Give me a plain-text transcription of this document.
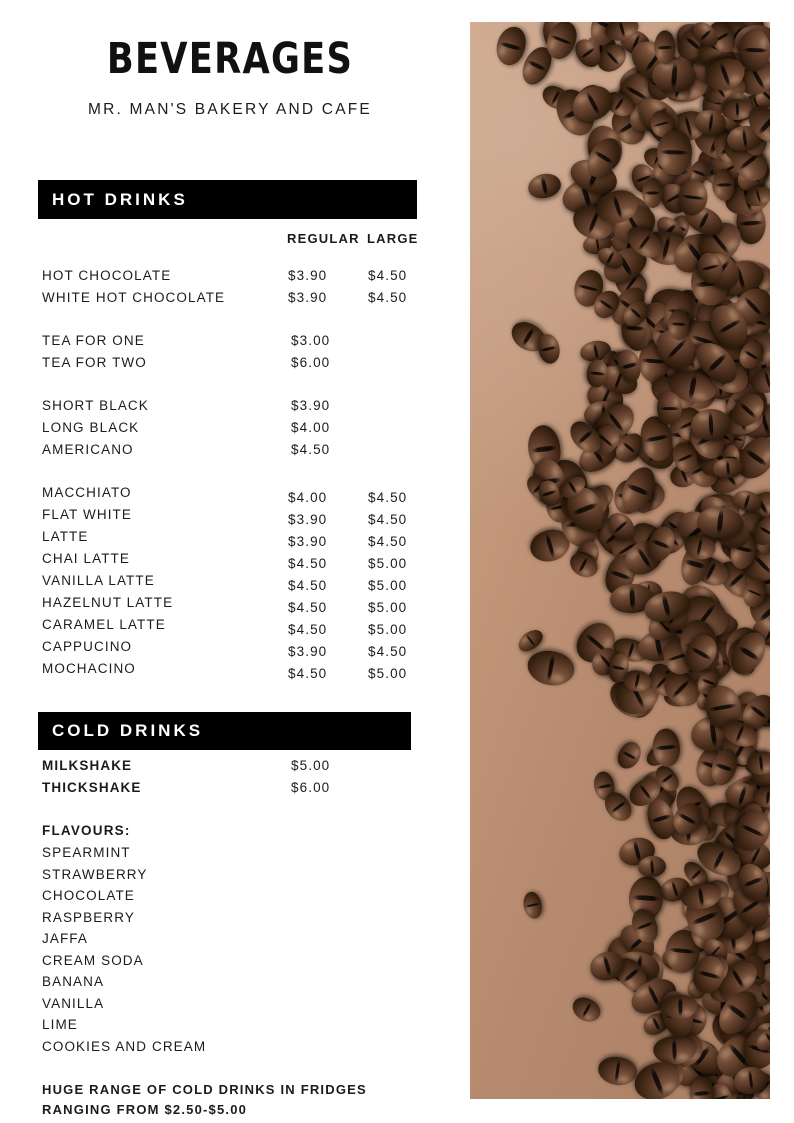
BEVERAGES
MR. MAN'S BAKERY AND CAFE
HOT DRINKS
REGULAR LARGE
HOT CHOCOLATE	$3.90	$4.50
WHITE HOT CHOCOLATE	$3.90	$4.50
TEA FOR ONE	$3.00
TEA FOR TWO	$6.00
SHORT BLACK	$3.90
LONG BLACK	$4.00
AMERICANO	$4.50
MACCHIATO	$4.00	$4.50
FLAT WHITE	$3.90	$4.50
LATTE	$3.90	$4.50
CHAI LATTE	$4.50	$5.00
VANILLA LATTE	$4.50	$5.00
HAZELNUT LATTE	$4.50	$5.00
CARAMEL LATTE	$4.50	$5.00
CAPPUCINO	$3.90	$4.50
MOCHACINO	$4.50	$5.00
COLD DRINKS
MILKSHAKE	$5.00
THICKSHAKE	$6.00
FLAVOURS:
SPEARMINT
STRAWBERRY
CHOCOLATE
RASPBERRY
JAFFA
CREAM SODA
BANANA
VANILLA
LIME
COOKIES AND CREAM
HUGE RANGE OF COLD DRINKS IN FRIDGES
RANGING FROM $2.50-$5.00
